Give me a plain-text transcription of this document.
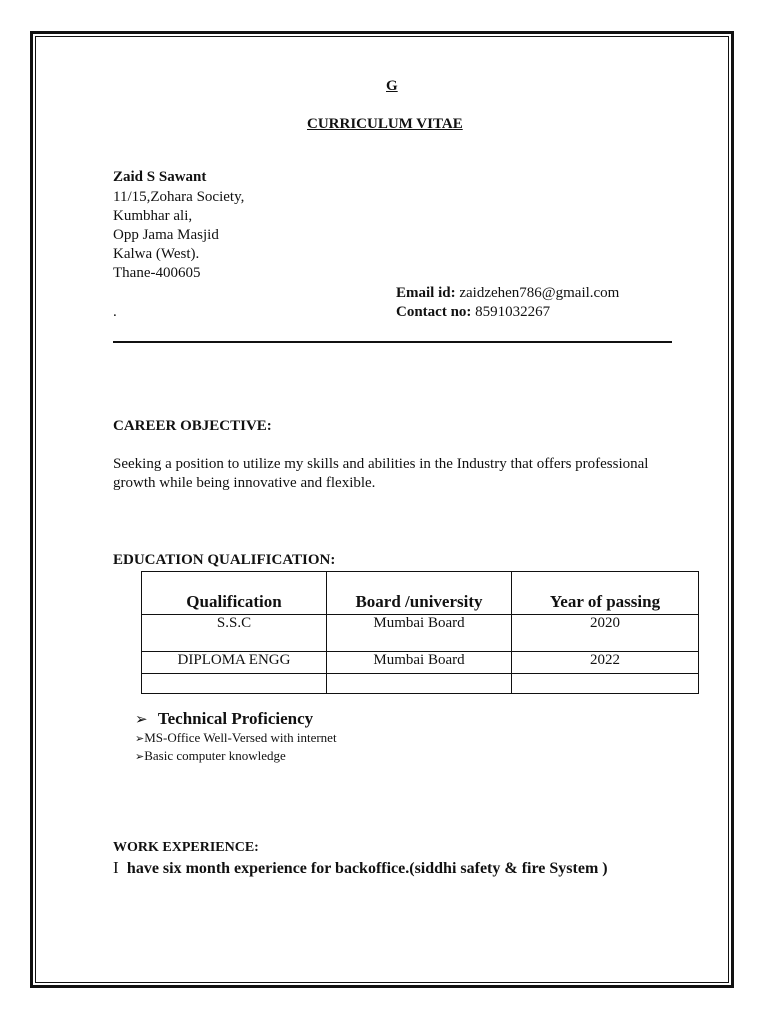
G
CURRICULUM VITAE
Zaid S Sawant
11/15,Zohara Society,
Kumbhar ali,
Opp Jama Masjid
Kalwa (West).
Thane-400605
.
Email id: zaidzehen786@gmail.com
Contact no: 8591032267
CAREER OBJECTIVE:
Seeking a position to utilize my skills and abilities in the Industry that offers professional growth while being innovative and flexible.
EDUCATION QUALIFICATION:
Qualification	Board /university	Year of passing
S.S.C	Mumbai Board	2020
DIPLOMA ENGG	Mumbai Board	2022

➢ Technical Proficiency
➢MS-Office Well-Versed with internet
➢Basic computer knowledge
WORK EXPERIENCE:
I have six month experience for backoffice.(siddhi safety & fire System )
